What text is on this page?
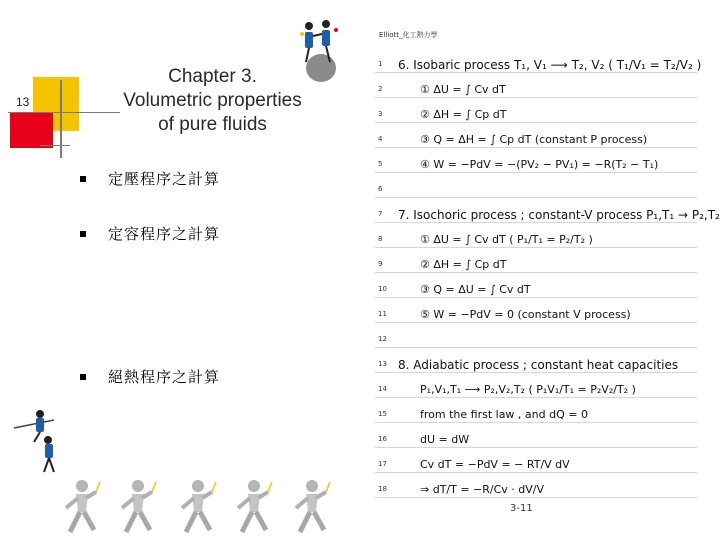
13
Chapter 3.
Volumetric properties
of pure fluids
定壓程序之計算
定容程序之計算
絕熱程序之計算
Elliott_化工熱力學
1 6. Isobaric process T₁, V₁ ⟶ T₂, V₂ ( T₁/V₁ = T₂/V₂ )
2	① ΔU = ∫ Cv dT
3	② ΔH = ∫ Cp dT
4	③ Q = ΔH = ∫ Cp dT (constant P process)
5	④ W = −PdV = −(PV₂ − PV₁) = −R(T₂ − T₁)
6
7 7. Isochoric process ; constant-V process P₁,T₁ → P₂,T₂
8	① ΔU = ∫ Cv dT ( P₁/T₁ = P₂/T₂ )
9	② ΔH = ∫ Cp dT
10	③ Q = ΔU = ∫ Cv dT
11	⑤ W = −PdV = 0 (constant V process)
12
13 8. Adiabatic process ; constant heat capacities
14	P₁,V₁,T₁ ⟶ P₂,V₂,T₂ ( P₁V₁/T₁ = P₂V₂/T₂ )
15	from the first law , and dQ = 0
16	dU = dW
17	Cv dT = −PdV = − RT/V dV
18	⇒ dT/T = −R/Cv · dV/V
3-11
